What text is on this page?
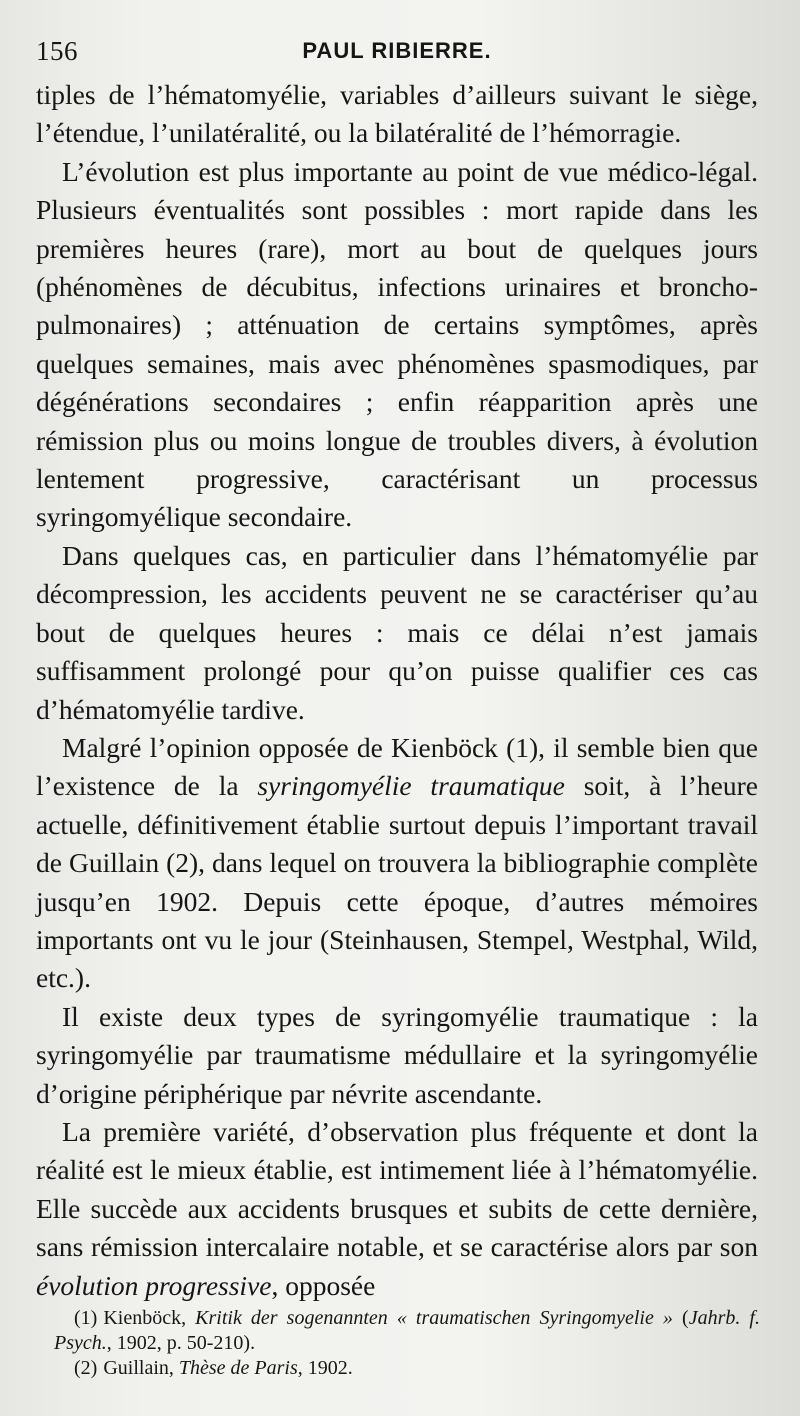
156	PAUL RIBIERRE.

tiples de l’hématomyélie, variables d’ailleurs suivant le siège, l’étendue, l’unilatéralité, ou la bilatéralité de l’hémorragie.

L’évolution est plus importante au point de vue médico-légal. Plusieurs éventualités sont possibles : mort rapide dans les premières heures (rare), mort au bout de quelques jours (phénomènes de décubitus, infections urinaires et broncho-pulmonaires) ; atténuation de certains symptômes, après quelques semaines, mais avec phénomènes spasmodiques, par dégénérations secondaires ; enfin réapparition après une rémission plus ou moins longue de troubles divers, à évolution lentement progressive, caractérisant un processus syringomyélique secondaire.

Dans quelques cas, en particulier dans l’hématomyélie par décompression, les accidents peuvent ne se caractériser qu’au bout de quelques heures : mais ce délai n’est jamais suffisamment prolongé pour qu’on puisse qualifier ces cas d’hématomyélie tardive.

Malgré l’opinion opposée de Kienböck (1), il semble bien que l’existence de la syringomyélie traumatique soit, à l’heure actuelle, définitivement établie surtout depuis l’important travail de Guillain (2), dans lequel on trouvera la bibliographie complète jusqu’en 1902. Depuis cette époque, d’autres mémoires importants ont vu le jour (Steinhausen, Stempel, Westphal, Wild, etc.).

Il existe deux types de syringomyélie traumatique : la syringomyélie par traumatisme médullaire et la syringomyélie d’origine périphérique par névrite ascendante.

La première variété, d’observation plus fréquente et dont la réalité est le mieux établie, est intimement liée à l’hématomyélie. Elle succède aux accidents brusques et subits de cette dernière, sans rémission intercalaire notable, et se caractérise alors par son évolution progressive, opposée

(1) Kienböck, Kritik der sogenannten « traumatischen Syringomyelie » (Jahrb. f. Psych., 1902, p. 50-210).

(2) Guillain, Thèse de Paris, 1902.
